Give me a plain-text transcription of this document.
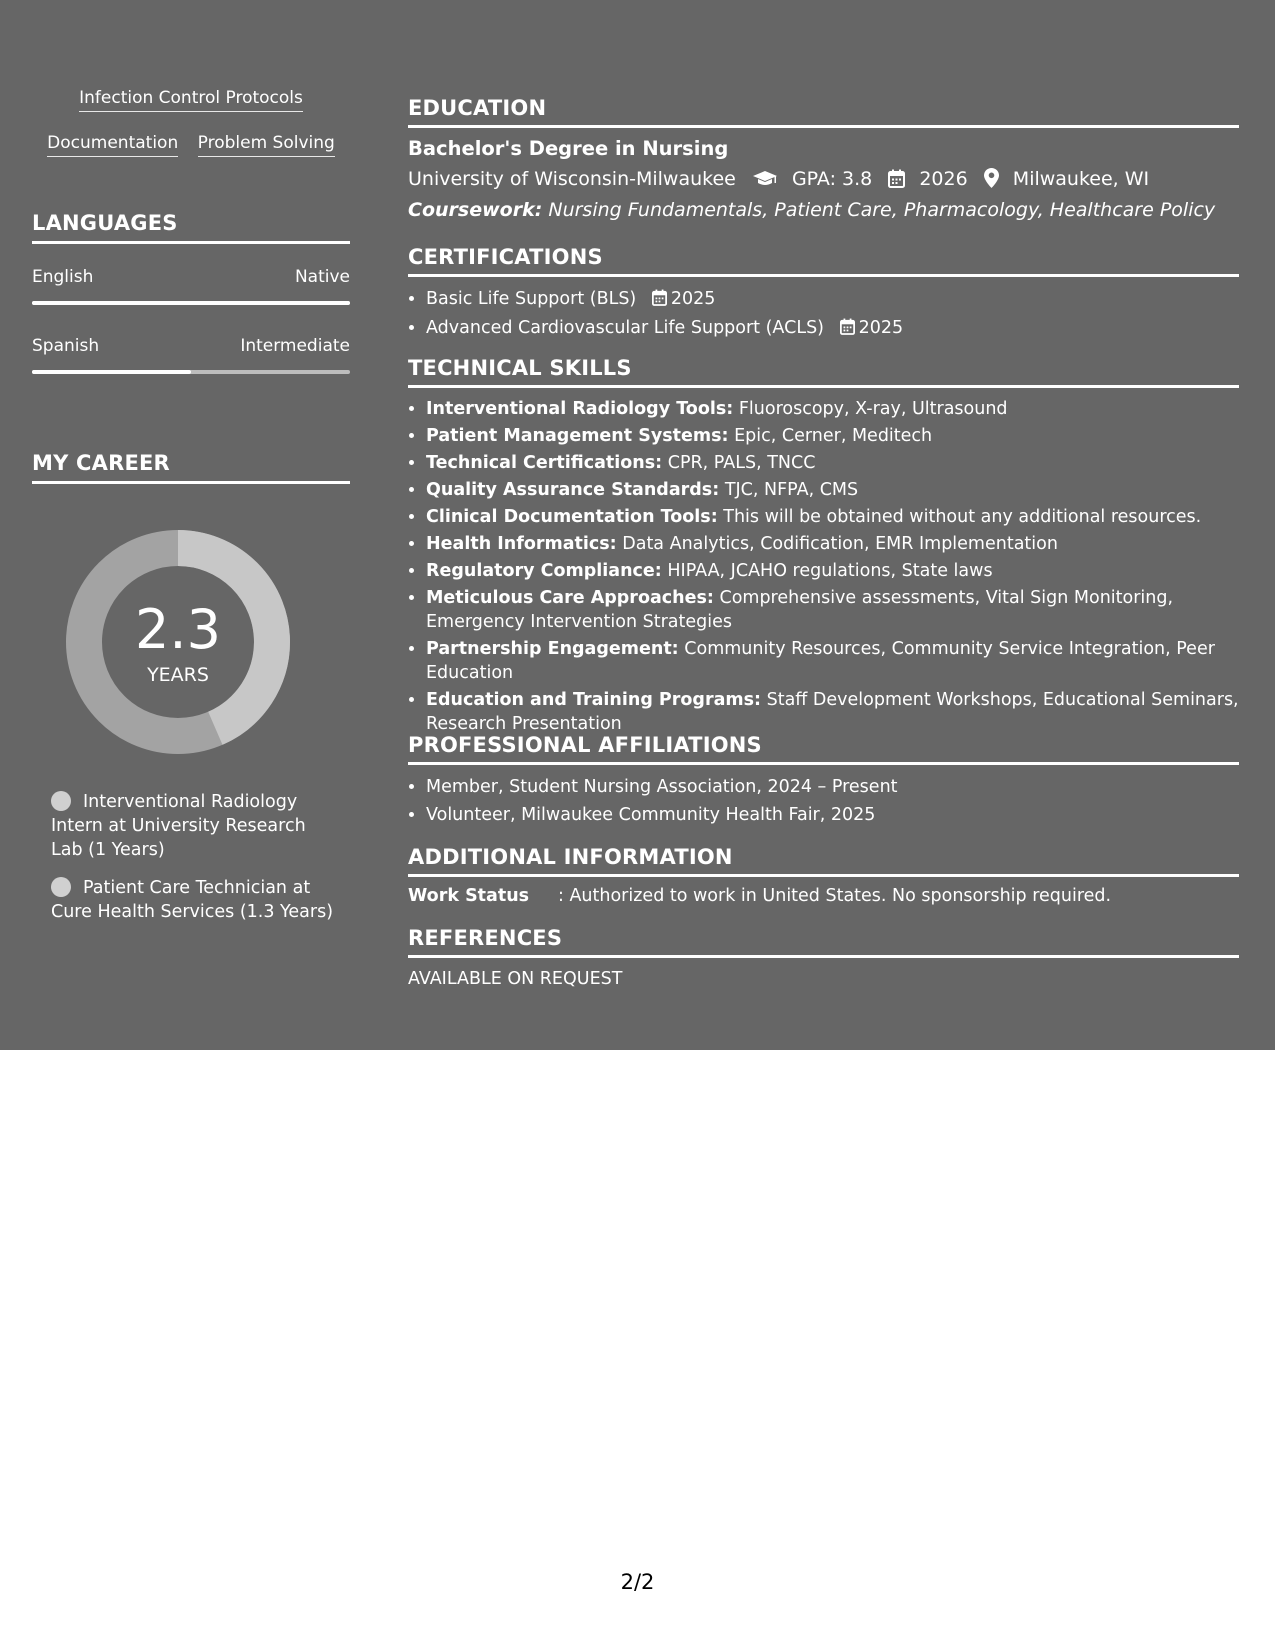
Infection Control Protocols
Documentation Problem Solving
LANGUAGES
English	Native
Spanish	Intermediate
MY CAREER
2.3
YEARS
Interventional Radiology Intern at University Research Lab (1 Years)
Patient Care Technician at Cure Health Services (1.3 Years)
EDUCATION
Bachelor's Degree in Nursing
University of Wisconsin-Milwaukee	GPA: 3.8 2026 Milwaukee, WI
Coursework: Nursing Fundamentals, Patient Care, Pharmacology, Healthcare Policy
CERTIFICATIONS
• Basic Life Support (BLS) 2025
• Advanced Cardiovascular Life Support (ACLS) 2025
TECHNICAL SKILLS
• Interventional Radiology Tools: Fluoroscopy, X-ray, Ultrasound
• Patient Management Systems: Epic, Cerner, Meditech
• Technical Certifications: CPR, PALS, TNCC
• Quality Assurance Standards: TJC, NFPA, CMS
• Clinical Documentation Tools: This will be obtained without any additional resources.
• Health Informatics: Data Analytics, Codification, EMR Implementation
• Regulatory Compliance: HIPAA, JCAHO regulations, State laws
• Meticulous Care Approaches: Comprehensive assessments, Vital Sign Monitoring, Emergency Intervention Strategies
• Partnership Engagement: Community Resources, Community Service Integration, Peer Education
• Education and Training Programs: Staff Development Workshops, Educational Seminars, Research Presentation
PROFESSIONAL AFFILIATIONS
• Member, Student Nursing Association, 2024 – Present
• Volunteer, Milwaukee Community Health Fair, 2025
ADDITIONAL INFORMATION
Work Status : Authorized to work in United States. No sponsorship required.
REFERENCES
AVAILABLE ON REQUEST
2/2
